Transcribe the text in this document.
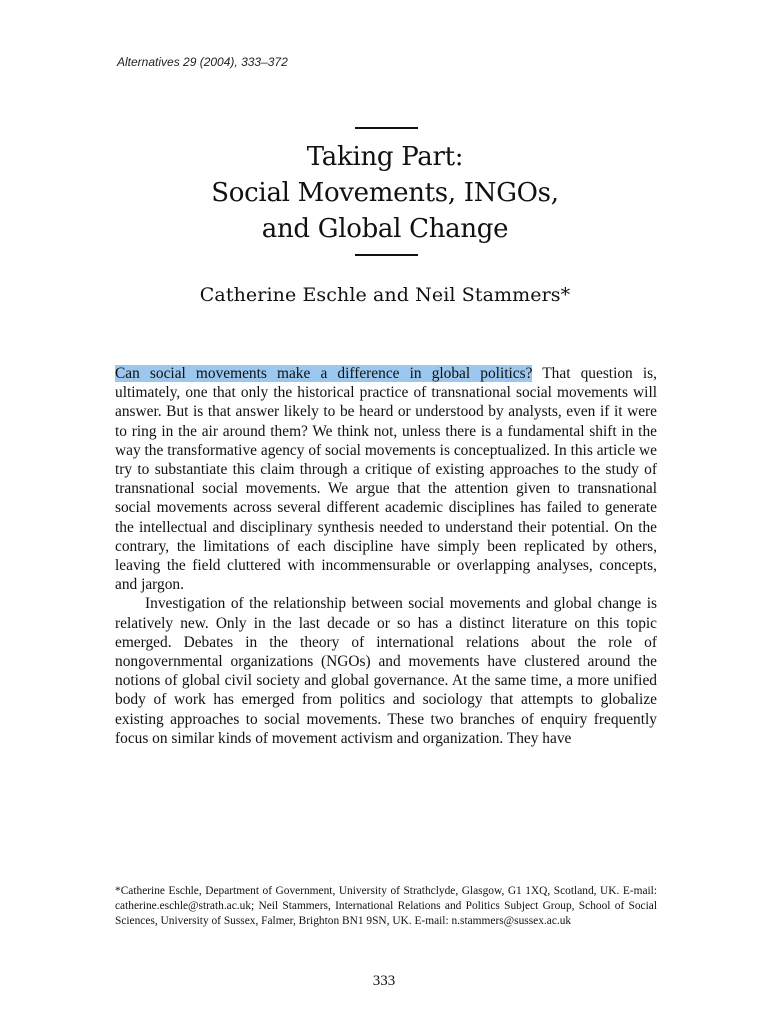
Alternatives 29 (2004), 333–372
Taking Part:
Social Movements, INGOs,
and Global Change
Catherine Eschle and Neil Stammers*

Can social movements make a difference in global politics? That question is, ultimately, one that only the historical practice of transnational social movements will answer. But is that answer likely to be heard or understood by analysts, even if it were to ring in the air around them? We think not, unless there is a fundamental shift in the way the transformative agency of social movements is conceptualized. In this article we try to substantiate this claim through a critique of existing approaches to the study of transnational social movements. We argue that the attention given to transnational social movements across several different academic disciplines has failed to generate the intellectual and disciplinary synthesis needed to understand their potential. On the contrary, the limitations of each discipline have simply been replicated by others, leaving the field cluttered with incommensurable or overlapping analyses, concepts, and jargon.

Investigation of the relationship between social movements and global change is relatively new. Only in the last decade or so has a distinct literature on this topic emerged. Debates in the theory of international relations about the role of nongovernmental organizations (NGOs) and movements have clustered around the notions of global civil society and global governance. At the same time, a more unified body of work has emerged from politics and sociology that attempts to globalize existing approaches to social movements. These two branches of enquiry frequently focus on similar kinds of movement activism and organization. They have

*Catherine Eschle, Department of Government, University of Strathclyde, Glasgow, G1 1XQ, Scotland, UK. E-mail: catherine.eschle@strath.ac.uk; Neil Stammers, International Relations and Politics Subject Group, School of Social Sciences, University of Sussex, Falmer, Brighton BN1 9SN, UK. E-mail: n.stammers@sussex.ac.uk
333
